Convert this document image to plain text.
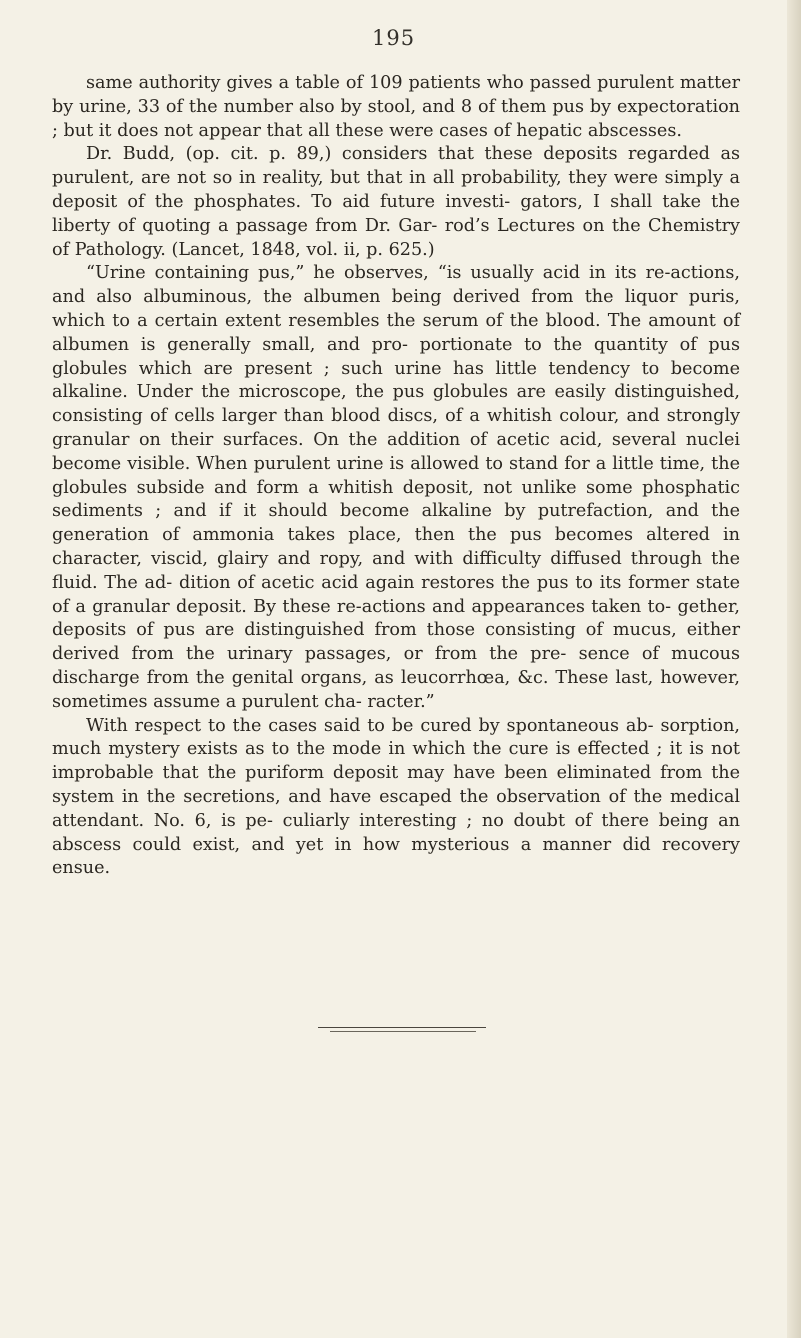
195

same authority gives a table of 109 patients who passed purulent matter by urine, 33 of the number also by stool, and 8 of them pus by expectoration ; but it does not appear that all these were cases of hepatic abscesses.

Dr. Budd, (op. cit. p. 89,) considers that these deposits regarded as purulent, are not so in reality, but that in all probability, they were simply a deposit of the phosphates. To aid future investi- gators, I shall take the liberty of quoting a passage from Dr. Gar- rod’s Lectures on the Chemistry of Pathology. (Lancet, 1848, vol. ii, p. 625.)

“Urine containing pus,” he observes, “is usually acid in its re-actions, and also albuminous, the albumen being derived from the liquor puris, which to a certain extent resembles the serum of the blood. The amount of albumen is generally small, and pro- portionate to the quantity of pus globules which are present ; such urine has little tendency to become alkaline. Under the microscope, the pus globules are easily distinguished, consisting of cells larger than blood discs, of a whitish colour, and strongly granular on their surfaces. On the addition of acetic acid, several nuclei become visible. When purulent urine is allowed to stand for a little time, the globules subside and form a whitish deposit, not unlike some phosphatic sediments ; and if it should become alkaline by putrefaction, and the generation of ammonia takes place, then the pus becomes altered in character, viscid, glairy and ropy, and with difficulty diffused through the fluid. The ad- dition of acetic acid again restores the pus to its former state of a granular deposit. By these re-actions and appearances taken to- gether, deposits of pus are distinguished from those consisting of mucus, either derived from the urinary passages, or from the pre- sence of mucous discharge from the genital organs, as leucorrhœa, &c. These last, however, sometimes assume a purulent cha- racter.”

With respect to the cases said to be cured by spontaneous ab- sorption, much mystery exists as to the mode in which the cure is effected ; it is not improbable that the puriform deposit may have been eliminated from the system in the secretions, and have escaped the observation of the medical attendant. No. 6, is pe- culiarly interesting ; no doubt of there being an abscess could exist, and yet in how mysterious a manner did recovery ensue.
